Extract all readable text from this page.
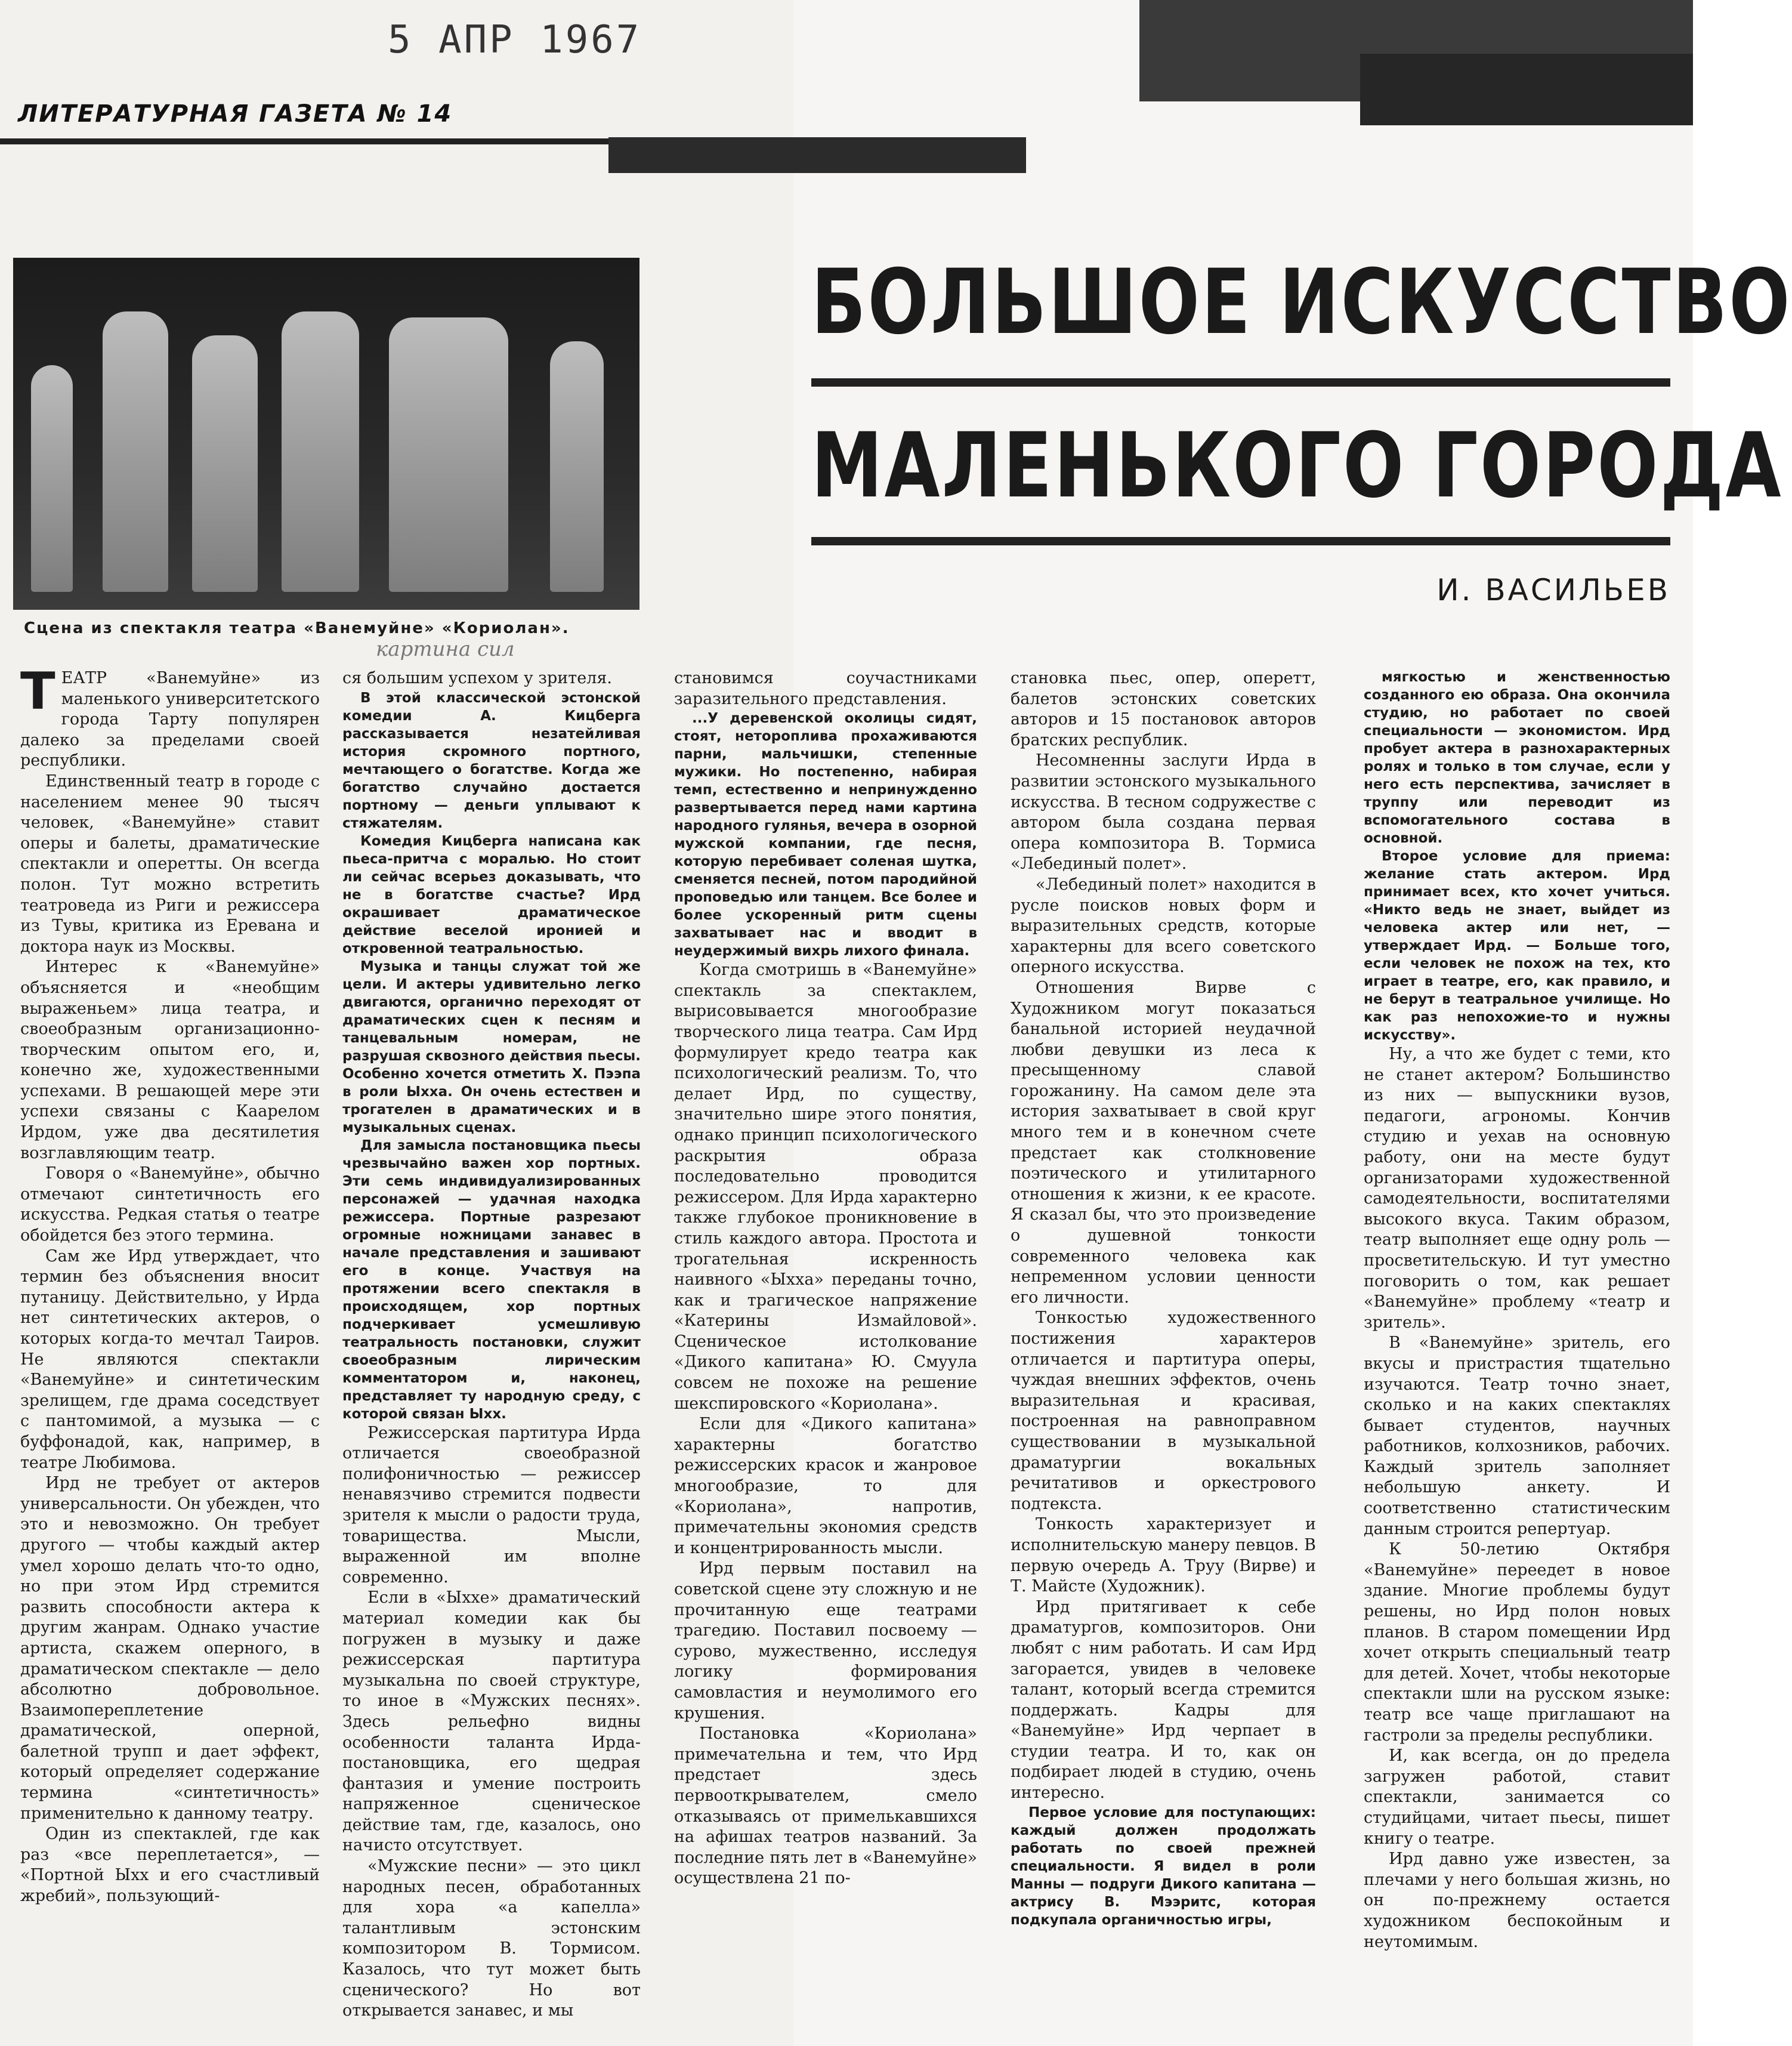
5 АПР 1967
ЛИТЕРАТУРНАЯ ГАЗЕТА № 14
Сцена из спектакля театра «Ванемуйне» «Кориолан».
картина сил
БОЛЬШОЕ ИСКУССТВО
МАЛЕНЬКОГО ГОРОДА
И. ВАСИЛЬЕВ

ТЕАТР «Ванемуйне» из маленького университетского города Тарту популярен далеко за пределами своей республики.

Единственный театр в городе с населением менее 90 тысяч человек, «Ванемуйне» ставит оперы и балеты, драматические спектакли и оперетты. Он всегда полон. Тут можно встретить театроведа из Риги и режиссера из Тувы, критика из Еревана и доктора наук из Москвы.

Интерес к «Ванемуйне» объясняется и «необщим выраженьем» лица театра, и своеобразным организационно-творческим опытом его, и, конечно же, художественными успехами. В решающей мере эти успехи связаны с Каарелом Ирдом, уже два десятилетия возглавляющим театр.

Говоря о «Ванемуйне», обычно отмечают синтетичность его искусства. Редкая статья о театре обойдется без этого термина.

Сам же Ирд утверждает, что термин без объяснения вносит путаницу. Действительно, у Ирда нет синтетических актеров, о которых когда-то мечтал Таиров. Не являются спектакли «Ванемуйне» и синтетическим зрелищем, где драма соседствует с пантомимой, а музыка — с буффонадой, как, например, в театре Любимова.

Ирд не требует от актеров универсальности. Он убежден, что это и невозможно. Он требует другого — чтобы каждый актер умел хорошо делать что-то одно, но при этом Ирд стремится развить способности актера к другим жанрам. Однако участие артиста, скажем оперного, в драматическом спектакле — дело абсолютно добровольное. Взаимопереплетение драматической, оперной, балетной трупп и дает эффект, который определяет содержание термина «синтетичность» применительно к данному театру.

Один из спектаклей, где как раз «все переплетается», — «Портной Ыхх и его счастливый жребий», пользующий-

ся большим успехом у зрителя.

В этой классической эстонской комедии А. Кицберга рассказывается незатейливая история скромного портного, мечтающего о богатстве. Когда же богатство случайно достается портному — деньги уплывают к стяжателям.

Комедия Кицберга написана как пьеса-притча с моралью. Но стоит ли сейчас всерьез доказывать, что не в богатстве счастье? Ирд окрашивает драматическое действие веселой иронией и откровенной театральностью.

Музыка и танцы служат той же цели. И актеры удивительно легко двигаются, органично переходят от драматических сцен к песням и танцевальным номерам, не разрушая сквозного действия пьесы. Особенно хочется отметить Х. Пээпа в роли Ыхха. Он очень естествен и трогателен в драматических и в музыкальных сценах.

Для замысла постановщика пьесы чрезвычайно важен хор портных. Эти семь индивидуализированных персонажей — удачная находка режиссера. Портные разрезают огромные ножницами занавес в начале представления и зашивают его в конце. Участвуя на протяжении всего спектакля в происходящем, хор портных подчеркивает усмешливую театральность постановки, служит своеобразным лирическим комментатором и, наконец, представляет ту народную среду, с которой связан Ыхх.

Режиссерская партитура Ирда отличается своеобразной полифоничностью — режиссер ненавязчиво стремится подвести зрителя к мысли о радости труда, товарищества. Мысли, выраженной им вполне современно.

Если в «Ыххе» драматический материал комедии как бы погружен в музыку и даже режиссерская партитура музыкальна по своей структуре, то иное в «Мужских песнях». Здесь рельефно видны особенности таланта Ирда-постановщика, его щедрая фантазия и умение построить напряженное сценическое действие там, где, казалось, оно начисто отсутствует.

«Мужские песни» — это цикл народных песен, обработанных для хора «а капелла» талантливым эстонским композитором В. Тормисом. Казалось, что тут может быть сценического? Но вот открывается занавес, и мы

становимся соучастниками заразительного представления.

...У деревенской околицы сидят, стоят, нетороплива прохаживаются парни, мальчишки, степенные мужики. Но постепенно, набирая темп, естественно и непринужденно развертывается перед нами картина народного гулянья, вечера в озорной мужской компании, где песня, которую перебивает соленая шутка, сменяется песней, потом пародийной проповедью или танцем. Все более и более ускоренный ритм сцены захватывает нас и вводит в неудержимый вихрь лихого финала.

Когда смотришь в «Ванемуйне» спектакль за спектаклем, вырисовывается многообразие творческого лица театра. Сам Ирд формулирует кредо театра как психологический реализм. То, что делает Ирд, по существу, значительно шире этого понятия, однако принцип психологического раскрытия образа последовательно проводится режиссером. Для Ирда характерно также глубокое проникновение в стиль каждого автора. Простота и трогательная искренность наивного «Ыхха» переданы точно, как и трагическое напряжение «Катерины Измайловой». Сценическое истолкование «Дикого капитана» Ю. Смуула совсем не похоже на решение шекспировского «Кориолана».

Если для «Дикого капитана» характерны богатство режиссерских красок и жанровое многообразие, то для «Кориолана», напротив, примечательны экономия средств и концентрированность мысли.

Ирд первым поставил на советской сцене эту сложную и не прочитанную еще театрами трагедию. Поставил посвоему — сурово, мужественно, исследуя логику формирования самовластия и неумолимого его крушения.

Постановка «Кориолана» примечательна и тем, что Ирд предстает здесь первооткрывателем, смело отказываясь от примелькавшихся на афишах театров названий. За последние пять лет в «Ванемуйне» осуществлена 21 по-

становка пьес, опер, оперетт, балетов эстонских советских авторов и 15 постановок авторов братских республик.

Несомненны заслуги Ирда в развитии эстонского музыкального искусства. В тесном содружестве с автором была создана первая опера композитора В. Тормиса «Лебединый полет».

«Лебединый полет» находится в русле поисков новых форм и выразительных средств, которые характерны для всего советского оперного искусства.

Отношения Вирве с Художником могут показаться банальной историей неудачной любви девушки из леса к пресыщенному славой горожанину. На самом деле эта история захватывает в свой круг много тем и в конечном счете предстает как столкновение поэтического и утилитарного отношения к жизни, к ее красоте. Я сказал бы, что это произведение о душевной тонкости современного человека как непременном условии ценности его личности.

Тонкостью художественного постижения характеров отличается и партитура оперы, чуждая внешних эффектов, очень выразительная и красивая, построенная на равноправном существовании в музыкальной драматургии вокальных речитативов и оркестрового подтекста.

Тонкость характеризует и исполнительскую манеру певцов. В первую очередь А. Труу (Вирве) и Т. Майсте (Художник).

Ирд притягивает к себе драматургов, композиторов. Они любят с ним работать. И сам Ирд загорается, увидев в человеке талант, который всегда стремится поддержать. Кадры для «Ванемуйне» Ирд черпает в студии театра. И то, как он подбирает людей в студию, очень интересно.

Первое условие для поступающих: каждый должен продолжать работать по своей прежней специальности. Я видел в роли Манны — подруги Дикого капитана — актрису В. Мээритс, которая подкупала органичностью игры,

мягкостью и женственностью созданного ею образа. Она окончила студию, но работает по своей специальности — экономистом. Ирд пробует актера в разнохарактерных ролях и только в том случае, если у него есть перспектива, зачисляет в труппу или переводит из вспомогательного состава в основной.

Второе условие для приема: желание стать актером. Ирд принимает всех, кто хочет учиться. «Никто ведь не знает, выйдет из человека актер или нет, — утверждает Ирд. — Больше того, если человек не похож на тех, кто играет в театре, его, как правило, и не берут в театральное училище. Но как раз непохожие-то и нужны искусству».

Ну, а что же будет с теми, кто не станет актером? Большинство из них — выпускники вузов, педагоги, агрономы. Кончив студию и уехав на основную работу, они на месте будут организаторами художественной самодеятельности, воспитателями высокого вкуса. Таким образом, театр выполняет еще одну роль — просветительскую. И тут уместно поговорить о том, как решает «Ванемуйне» проблему «театр и зритель».

В «Ванемуйне» зритель, его вкусы и пристрастия тщательно изучаются. Театр точно знает, сколько и на каких спектаклях бывает студентов, научных работников, колхозников, рабочих. Каждый зритель заполняет небольшую анкету. И соответственно статистическим данным строится репертуар.

К 50-летию Октября «Ванемуйне» переедет в новое здание. Многие проблемы будут решены, но Ирд полон новых планов. В старом помещении Ирд хочет открыть специальный театр для детей. Хочет, чтобы некоторые спектакли шли на русском языке: театр все чаще приглашают на гастроли за пределы республики.

И, как всегда, он до предела загружен работой, ставит спектакли, занимается со студийцами, читает пьесы, пишет книгу о театре.

Ирд давно уже известен, за плечами у него большая жизнь, но он по-прежнему остается художником беспокойным и неутомимым.
